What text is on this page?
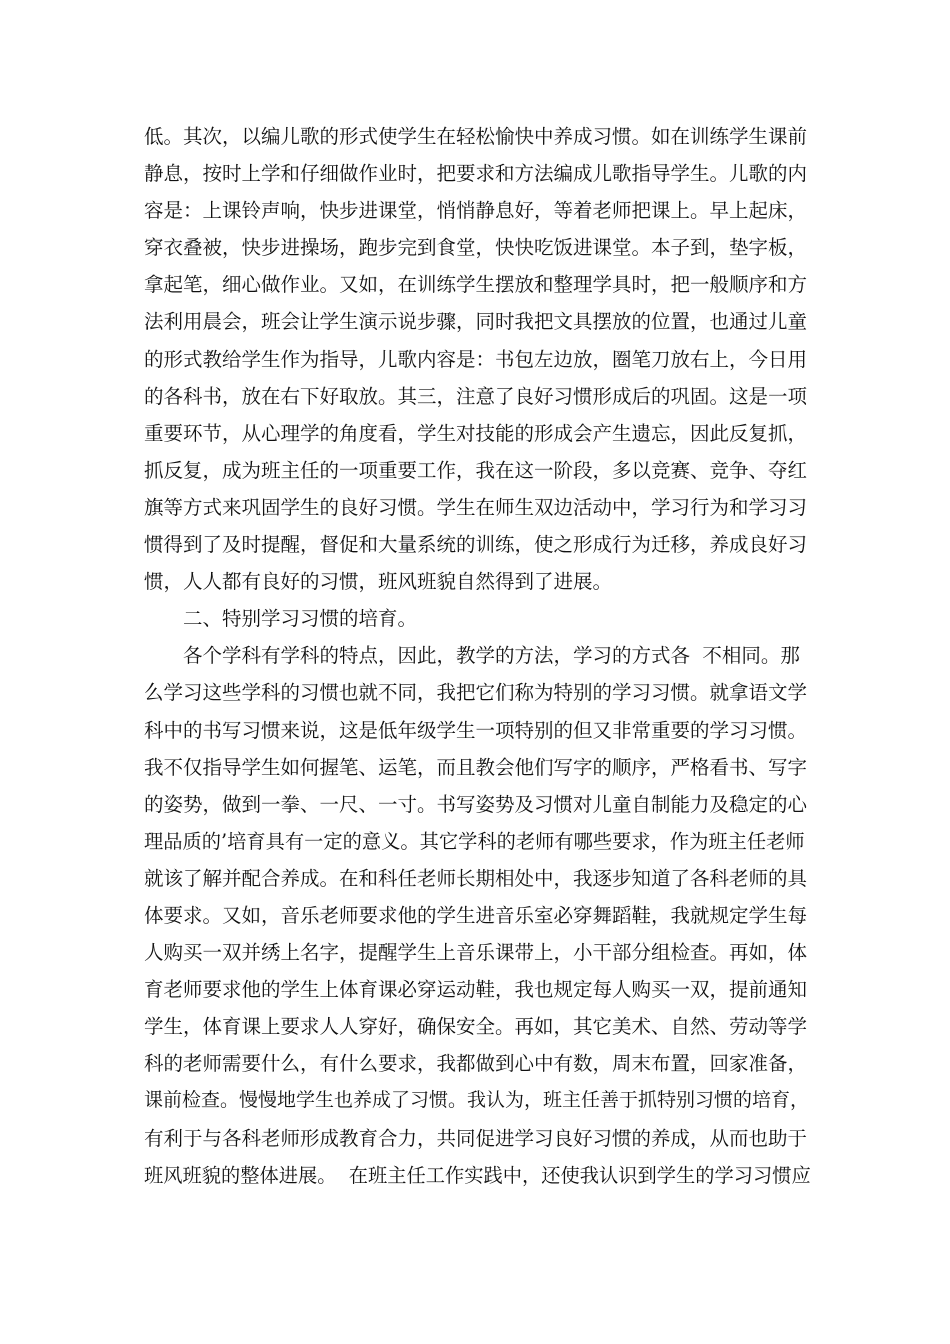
低。其次，以编儿歌的形式使学生在轻松愉快中养成习惯。如在训练学生课前
静息，按时上学和仔细做作业时，把要求和方法编成儿歌指导学生。儿歌的内
容是：上课铃声响，快步进课堂，悄悄静息好，等着老师把课上。早上起床，
穿衣叠被，快步进操场，跑步完到食堂，快快吃饭进课堂。本子到，垫字板，
拿起笔，细心做作业。又如，在训练学生摆放和整理学具时，把一般顺序和方
法利用晨会，班会让学生演示说步骤，同时我把文具摆放的位置，也通过儿童
的形式教给学生作为指导，儿歌内容是：书包左边放，圈笔刀放右上，今日用
的各科书，放在右下好取放。其三，注意了良好习惯形成后的巩固。这是一项
重要环节，从心理学的角度看，学生对技能的形成会产生遗忘，因此反复抓，
抓反复，成为班主任的一项重要工作，我在这一阶段，多以竞赛、竞争、夺红
旗等方式来巩固学生的良好习惯。学生在师生双边活动中，学习行为和学习习
惯得到了及时提醒，督促和大量系统的训练，使之形成行为迁移，养成良好习
惯，人人都有良好的习惯，班风班貌自然得到了进展。
　　二、特别学习习惯的培育。
　　各个学科有学科的特点，因此，教学的方法，学习的方式各  不相同。那
么学习这些学科的习惯也就不同，我把它们称为特别的学习习惯。就拿语文学
科中的书写习惯来说，这是低年级学生一项特别的但又非常重要的学习习惯。
我不仅指导学生如何握笔、运笔，而且教会他们写字的顺序，严格看书、写字
的姿势，做到一拳、一尺、一寸。书写姿势及习惯对儿童自制能力及稳定的心
理品质的’培育具有一定的意义。其它学科的老师有哪些要求，作为班主任老师
就该了解并配合养成。在和科任老师长期相处中，我逐步知道了各科老师的具
体要求。又如，音乐老师要求他的学生进音乐室必穿舞蹈鞋，我就规定学生每
人购买一双并绣上名字，提醒学生上音乐课带上，小干部分组检查。再如，体
育老师要求他的学生上体育课必穿运动鞋，我也规定每人购买一双，提前通知
学生，体育课上要求人人穿好，确保安全。再如，其它美术、自然、劳动等学
科的老师需要什么，有什么要求，我都做到心中有数，周末布置，回家准备，
课前检查。慢慢地学生也养成了习惯。我认为，班主任善于抓特别习惯的培育，
有利于与各科老师形成教育合力，共同促进学习良好习惯的养成，从而也助于
班风班貌的整体进展。  在班主任工作实践中，还使我认识到学生的学习习惯应
